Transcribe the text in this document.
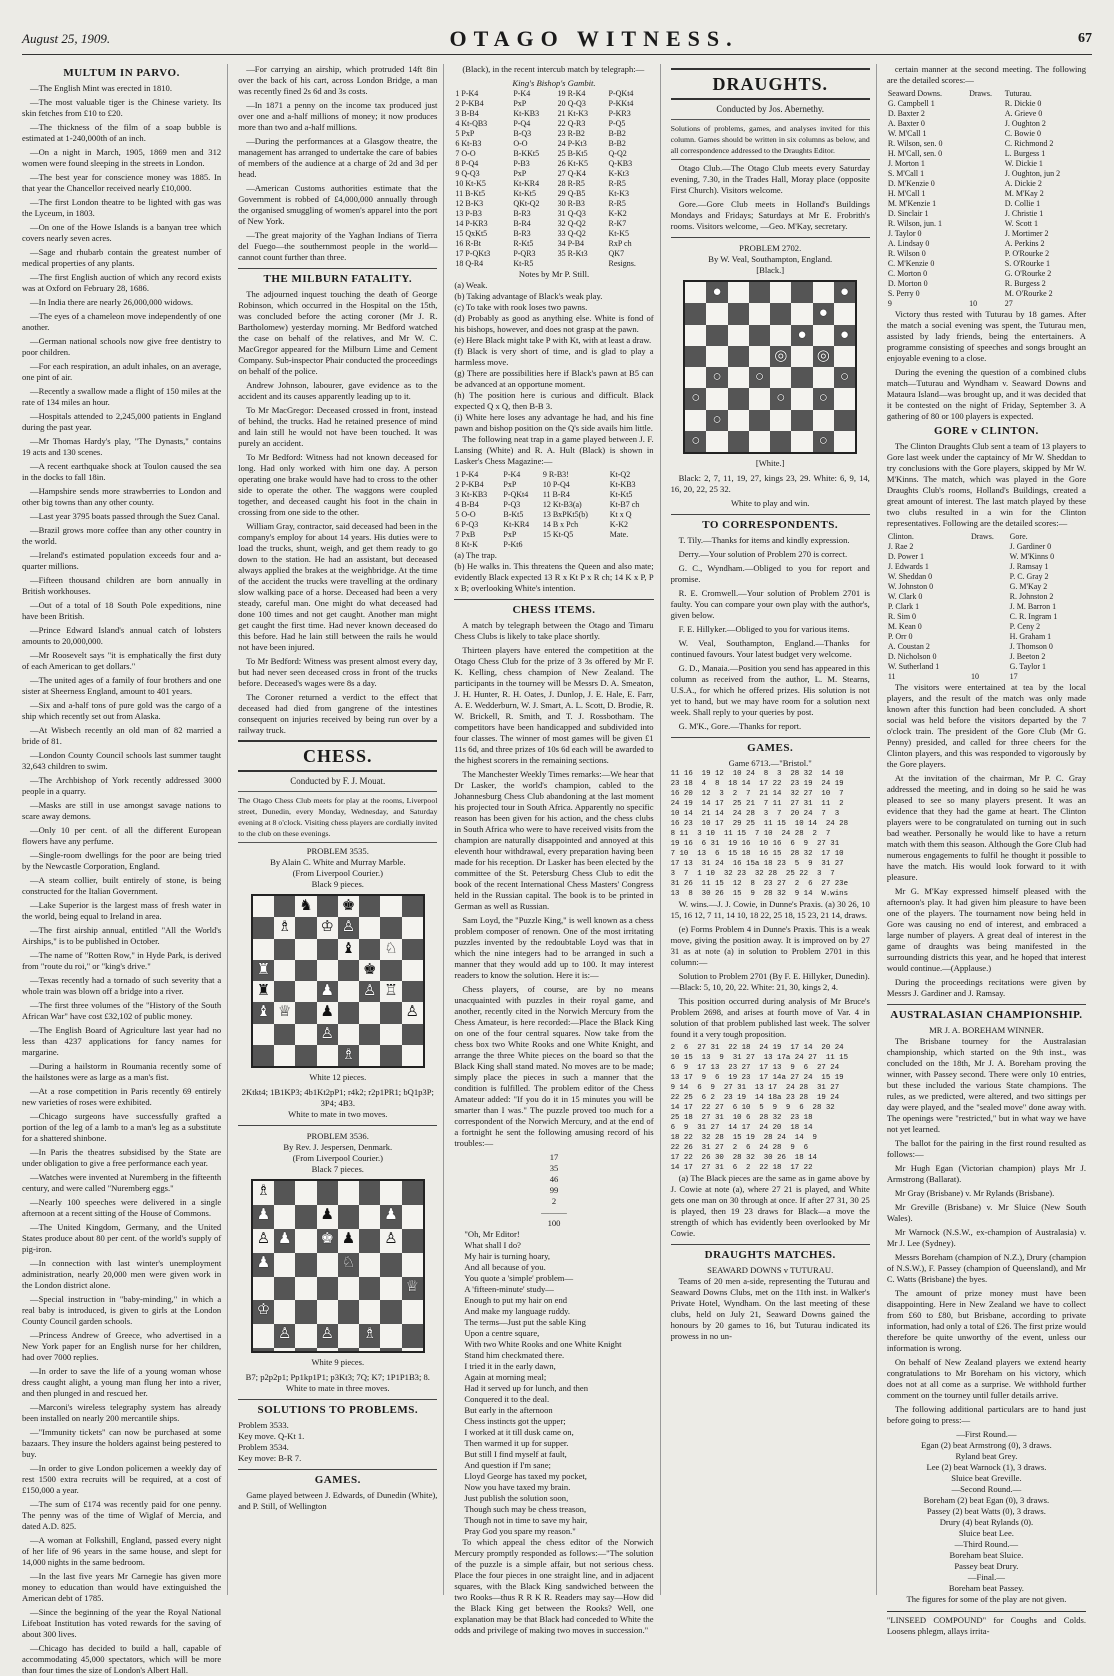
August 25, 1909.	OTAGO WITNESS.	67
MULTUM IN PARVO.

—The English Mint was erected in 1810.

—The most valuable tiger is the Chinese variety. Its skin fetches from £10 to £20.

—The thickness of the film of a soap bubble is estimated at 1-240,000th of an inch.

—On a night in March, 1905, 1869 men and 312 women were found sleeping in the streets in London.

—The best year for conscience money was 1885. In that year the Chancellor received nearly £10,000.

—The first London theatre to be lighted with gas was the Lyceum, in 1803.

—On one of the Howe Islands is a banyan tree which covers nearly seven acres.

—Sage and rhubarb contain the greatest number of medical properties of any plants.

—The first English auction of which any record exists was at Oxford on February 28, 1686.

—In India there are nearly 26,000,000 widows.

—The eyes of a chameleon move independently of one another.

—German national schools now give free dentistry to poor children.

—For each respiration, an adult inhales, on an average, one pint of air.

—Recently a swallow made a flight of 150 miles at the rate of 134 miles an hour.

—Hospitals attended to 2,245,000 patients in England during the past year.

—Mr Thomas Hardy's play, "The Dynasts," contains 19 acts and 130 scenes.

—A recent earthquake shock at Toulon caused the sea in the docks to fall 18in.

—Hampshire sends more strawberries to London and other big towns than any other county.

—Last year 3795 boats passed through the Suez Canal.

—Brazil grows more coffee than any other country in the world.

—Ireland's estimated population exceeds four and a-quarter millions.

—Fifteen thousand children are born annually in British workhouses.

—Out of a total of 18 South Pole expeditions, nine have been British.

—Prince Edward Island's annual catch of lobsters amounts to 20,000,000.

—Mr Roosevelt says "it is emphatically the first duty of each American to get dollars."

—The united ages of a family of four brothers and one sister at Sheerness England, amount to 401 years.

—Six and a-half tons of pure gold was the cargo of a ship which recently set out from Alaska.

—At Wisbech recently an old man of 82 married a bride of 81.

—London County Council schools last summer taught 32,643 children to swim.

—The Archbishop of York recently addressed 3000 people in a quarry.

—Masks are still in use amongst savage nations to scare away demons.

—Only 10 per cent. of all the different European flowers have any perfume.

—Single-room dwellings for the poor are being tried by the Newcastle Corporation, England.

—A steam collier, built entirely of stone, is being constructed for the Italian Government.

—Lake Superior is the largest mass of fresh water in the world, being equal to Ireland in area.

—The first airship annual, entitled "All the World's Airships," is to be published in October.

—The name of "Rotten Row," in Hyde Park, is derived from "route du roi," or "king's drive."

—Texas recently had a tornado of such severity that a whole train was blown off a bridge into a river.

—The first three volumes of the "History of the South African War" have cost £32,102 of public money.

—The English Board of Agriculture last year had no less than 4237 applications for fancy names for margarine.

—During a hailstorm in Roumania recently some of the hailstones were as large as a man's fist.

—At a rose competition in Paris recently 69 entirely new varieties of roses were exhibited.

—Chicago surgeons have successfully grafted a portion of the leg of a lamb to a man's leg as a substitute for a shattered shinbone.

—In Paris the theatres subsidised by the State are under obligation to give a free performance each year.

—Watches were invented at Nuremberg in the fifteenth century, and were called "Nuremberg eggs."

—Nearly 100 speeches were delivered in a single afternoon at a recent sitting of the House of Commons.

—The United Kingdom, Germany, and the United States produce about 80 per cent. of the world's supply of pig-iron.

—In connection with last winter's unemployment administration, nearly 20,000 men were given work in the London district alone.

—Special instruction in "baby-minding," in which a real baby is introduced, is given to girls at the London County Council garden schools.

—Princess Andrew of Greece, who advertised in a New York paper for an English nurse for her children, had over 7000 replies.

—In order to save the life of a young woman whose dress caught alight, a young man flung her into a river, and then plunged in and rescued her.

—Marconi's wireless telegraphy system has already been installed on nearly 200 mercantile ships.

—"Immunity tickets" can now be purchased at some bazaars. They insure the holders against being pestered to buy.

—In order to give London policemen a weekly day of rest 1500 extra recruits will be required, at a cost of £150,000 a year.

—The sum of £174 was recently paid for one penny. The penny was of the time of Wiglaf of Mercia, and dated A.D. 825.

—A woman at Folkshill, England, passed every night of her life of 96 years in the same house, and slept for 14,000 nights in the same bedroom.

—In the last five years Mr Carnegie has given more money to education than would have extinguished the American debt of 1785.

—Since the beginning of the year the Royal National Lifeboat Institution has voted rewards for the saving of about 300 lives.

—Chicago has decided to build a hall, capable of accommodating 45,000 spectators, which will be more than four times the size of London's Albert Hall.

—For carrying an airship, which protruded 14ft 8in over the back of his cart, across London Bridge, a man was recently fined 2s 6d and 3s costs.

—In 1871 a penny on the income tax produced just over one and a-half millions of money; it now produces more than two and a-half millions.

—During the performances at a Glasgow theatre, the management has arranged to undertake the care of babies of members of the audience at a charge of 2d and 3d per head.

—American Customs authorities estimate that the Government is robbed of £4,000,000 annually through the organised smuggling of women's apparel into the port of New York.

—The great majority of the Yaghan Indians of Tierra del Fuego—the southernmost people in the world—cannot count further than three.

THE MILBURN FATALITY.

The adjourned inquest touching the death of George Robinson, which occurred in the Hospital on the 15th, was concluded before the acting coroner (Mr J. R. Bartholomew) yesterday morning. Mr Bedford watched the case on behalf of the relatives, and Mr W. C. MacGregor appeared for the Milburn Lime and Cement Company. Sub-inspector Phair conducted the proceedings on behalf of the police.

Andrew Johnson, labourer, gave evidence as to the accident and its causes apparently leading up to it.

To Mr MacGregor: Deceased crossed in front, instead of behind, the trucks. Had he retained presence of mind and lain still he would not have been touched. It was purely an accident.

To Mr Bedford: Witness had not known deceased for long. Had only worked with him one day. A person operating one brake would have had to cross to the other side to operate the other. The waggons were coupled together, and deceased caught his foot in the chain in crossing from one side to the other.

William Gray, contractor, said deceased had been in the company's employ for about 14 years. His duties were to load the trucks, shunt, weigh, and get them ready to go down to the station. He had an assistant, but deceased always applied the brakes at the weighbridge. At the time of the accident the trucks were travelling at the ordinary slow walking pace of a horse. Deceased had been a very steady, careful man. One might do what deceased had done 100 times and not get caught. Another man might get caught the first time. Had never known deceased do this before. Had he lain still between the rails he would not have been injured.

To Mr Bedford: Witness was present almost every day, but had never seen deceased cross in front of the trucks before. Deceased's wages were 8s a day.

The Coroner returned a verdict to the effect that deceased had died from gangrene of the intestines consequent on injuries received by being run over by a railway truck.

CHESS.
Conducted by F. J. Mouat.
The Otago Chess Club meets for play at the rooms, Liverpool street, Dunedin, every Monday, Wednesday, and Saturday evening at 8 o'clock. Visiting chess players are cordially invited to the club on these evenings.
PROBLEM 3535.
By Alain C. White and Murray Marble.
(From Liverpool Courier.)
Black 9 pieces.
♞ ♚
♗ ♔ ♙
♝ ♘
♜	♚
♜	♟ ♙ ♖
♝ ♕ ♟	♙
♙
♗
White 12 pieces.
2Ktkt4; 1B1KP3; 4b1Kt2pP1; r4k2; r2p1PR1; bQ1p3P; 3P4; 4B3.
White to mate in two moves.
PROBLEM 3536.
By Rev. J. Jespersen, Denmark.
(From Liverpool Courier.)
Black 7 pieces.
♗
♟	♟	♟
♙ ♟ ♚ ♟ ♙
♟	♘
♕
♔
♙ ♙ ♗
White 9 pieces.
B7; p2p2p1; Pp1kp1P1; p3Kt3; 7Q; K7; 1P1P1B3; 8.
White to mate in three moves.
SOLUTIONS TO PROBLEMS.
Problem 3533.
Key move. Q-Kt 1.
Problem 3534.
Key move: B-R 7.
GAMES.

Game played between J. Edwards, of Dunedin (White), and P. Still, of Wellington

(Black), in the recent intercub match by telegraph:—

King's Bishop's Gambit.
1 P-K4	P-K4	19 R-K4	P-QKt4
2 P-KB4	PxP	20 Q-Q3	P-KKt4
3 B-B4	Kt-KB3	21 Kt-K3	P-KR3
4 Kt-QB3	P-Q4	22 Q-R3	P-Q5
5 PxP	B-Q3	23 R-B2	B-B2
6 Kt-B3	O-O	24 P-Kt3	B-B2
7 O-O	B-KKt5	25 B-Kt5	Q-Q2
8 P-Q4	P-B3	26 Kt-K5	Q-KB3
9 Q-Q3	PxP	27 Q-K4	K-Kt3
10 Kt-K5	Kt-KR4	28 R-R5	R-R5
11 B-Kt5	Kt-Kt5	29 Q-B5	Kt-K3
12 B-K3	QKt-Q2	30 R-B3	R-R5
13 P-B3	B-R3	31 Q-Q3	K-K2
14 P-KR3	B-R4	32 Q-Q2	R-K7
15 QxKt5	B-R3	33 Q-Q2	Kt-K5
16 R-Bt	R-Kt5	34 P-B4	RxP ch
17 P-QKt3	P-QR3	35 R-Kt3	QK7
18 Q-R4	Kt-R5		Resigns.
Notes by Mr P. Still.
(a) Weak.
(b) Taking advantage of Black's weak play.
(c) To take with rook loses two pawns.
(d) Probably as good as anything else. White is fond of his bishops, however, and does not grasp at the pawn.
(e) Here Black might take P with Kt, with at least a draw.
(f) Black is very short of time, and is glad to play a harmless move.
(g) There are possibilities here if Black's pawn at B5 can be advanced at an opportune moment.
(h) The position here is curious and difficult. Black expected Q x Q, then B-B 3.
(i) White here loses any advantage he had, and his fine pawn and bishop position on the Q's side avails him little.

The following neat trap in a game played between J. F. Lansing (White) and R. A. Hult (Black) is shown in Lasker's Chess Magazine:—

1 P-K4	P-K4	9 R-B3!	Kt-Q2
2 P-KB4	PxP	10 P-Q4	Kt-KB3
3 Kt-KB3	P-QKt4	11 B-R4	Kt-Kt5
4 B-B4	P-Q3	12 Kt-B3(a)	Kt-B7 ch
5 O-O	B-Kt5	13 BxPKt5(b)	Kt x Q
6 P-Q3	Kt-KR4	14 B x Pch	K-K2
7 PxB	PxP	15 Kt-Q5	Mate.
8 Kt-K	P-Kt6		
(a) The trap.
(b) He walks in. This threatens the Queen and also mate; evidently Black expected 13 R x Kt P x R ch; 14 K x P, P x B; overlooking White's intention.
CHESS ITEMS.

A match by telegraph between the Otago and Timaru Chess Clubs is likely to take place shortly.

Thirteen players have entered the competition at the Otago Chess Club for the prize of 3 3s offered by Mr F. K. Kelling, chess champion of New Zealand. The participants in the tourney will be Messrs D. A. Smeaton, J. H. Hunter, R. H. Oates, J. Dunlop, J. E. Hale, E. Farr, A. E. Wedderburn, W. J. Smart, A. L. Scott, D. Brodie, R. W. Brickell, R. Smith, and T. J. Rossbotham. The competitors have been handicapped and subdivided into four classes. The winner of most games will be given £1 11s 6d, and three prizes of 10s 6d each will be awarded to the highest scorers in the remaining sections.

The Manchester Weekly Times remarks:—We hear that Dr Lasker, the world's champion, cabled to the Johannesburg Chess Club abandoning at the last moment his projected tour in South Africa. Apparently no specific reason has been given for his action, and the chess clubs in South Africa who were to have received visits from the champion are naturally disappointed and annoyed at this eleventh hour withdrawal, every preparation having been made for his reception. Dr Lasker has been elected by the committee of the St. Petersburg Chess Club to edit the book of the recent International Chess Masters' Congress held in the Russian capital. The book is to be printed in German as well as Russian.

Sam Loyd, the "Puzzle King," is well known as a chess problem composer of renown. One of the most irritating puzzles invented by the redoubtable Loyd was that in which the nine integers had to be arranged in such a manner that they would add up to 100. It may interest readers to know the solution. Here it is:—

Chess players, of course, are by no means unacquainted with puzzles in their royal game, and another, recently cited in the Norwich Mercury from the Chess Amateur, is here recorded:—Place the Black King on one of the four central squares. Now take from the chess box two White Rooks and one White Knight, and arrange the three White pieces on the board so that the Black King shall stand mated. No moves are to be made; simply place the pieces in such a manner that the condition is fulfilled. The problem editor of the Chess Amateur added: "If you do it in 15 minutes you will be smarter than I was." The puzzle proved too much for a correspondent of the Norwich Mercury, and at the end of a fortnight he sent the following amusing record of his troubles:—

17
35
46
99
2
———
100
"Oh, Mr Editor!
What shall I do?
My hair is turning hoary,
And all because of you.
You quote a 'simple' problem—
A 'fifteen-minute' study—
Enough to put my hair on end
And make my language ruddy.
The terms—Just put the sable King
Upon a centre square,
With two White Rooks and one White Knight
Stand him checkmated there.
I tried it in the early dawn,
Again at morning meal;
Had it served up for lunch, and then
Conquered it to the deal.
But early in the afternoon
Chess instincts got the upper;
I worked at it till dusk came on,
Then warmed it up for supper.
But still I find myself at fault,
And question if I'm sane;
Lloyd George has taxed my pocket,
Now you have taxed my brain.
Just publish the solution soon,
Though such may be chess treason,
Though not in time to save my hair,
Pray God you spare my reason."

To which appeal the chess editor of the Norwich Mercury promptly responded as follows:—"The solution of the puzzle is a simple affair, but not serious chess. Place the four pieces in one straight line, and in adjacent squares, with the Black King sandwiched between the two Rooks—thus R R K R. Readers may say—How did the Black King get between the Rooks? Well, one explanation may be that Black had conceded to White the odds and privilege of making two moves in succession."

DRAUGHTS.
Conducted by Jos. Abernethy.
Solutions of problems, games, and analyses invited for this column. Games should be written in six columns as below, and all correspondence addressed to the Draughts Editor.

Otago Club.—The Otago Club meets every Saturday evening, 7.30, in the Trades Hall, Moray place (opposite First Church). Visitors welcome.

Gore.—Gore Club meets in Holland's Buildings Mondays and Fridays; Saturdays at Mr E. Frobrith's rooms. Visitors welcome, —Geo. M'Kay, secretary.

PROBLEM 2702.
By W. Veal, Southampton, England.
[Black.]
●	●
●
●	●
◎ ◎
○	○	○
○	○	○
○
○	○
[White.]

Black: 2, 7, 11, 19, 27, kings 23, 29. White: 6, 9, 14, 16, 20, 22, 25 32.

White to play and win.
TO CORRESPONDENTS.

T. Tily.—Thanks for items and kindly expression.

Derry.—Your solution of Problem 270 is correct.

G. C., Wyndham.—Obliged to you for report and promise.

R. E. Cromwell.—Your solution of Problem 2701 is faulty. You can compare your own play with the author's, given below.

F. E. Hillyker.—Obliged to you for various items.

W. Veal, Southampton, England.—Thanks for continued favours. Your latest budget very welcome.

G. D., Manaia.—Position you send has appeared in this column as received from the author, L. M. Stearns, U.S.A., for which he offered prizes. His solution is not yet to hand, but we may have room for a solution next week. Shall reply to your queries by post.

G. M'K., Gore.—Thanks for report.

GAMES.
Game 6713.—"Bristol."
11 16  19 12  10 24  8  3  28 32  14 10
23 18  4  8  18 14  17 22  23 19  24 19
16 20  12  3  2  7  21 14  32 27  10  7
24 19  14 17  25 21  7 11  27 31  11  2
10 14  21 14  24 28  3  7  20 24  7  3
16 23  10 17  29 25  11 15  10 14  24 28
8 11  3 10  11 15  7 10  24 28  2  7
19 16  6 31  19 16  10 16  6  9  27 31
7 10  13  6  15 18  16 15  28 32  17 10
17 13  31 24  16 15a 18 23  5  9  31 27
3  7  1 10  32 23  32 28  25 22  3  7
31 26  11 15  12  8  23 27  2  6  27 23e
13  8  30 26  15  9  28 32  9 14  W.wins

W. wins.—J. J. Cowie, in Dunne's Praxis. (a) 30 26, 10 15, 16 12, 7 11, 14 10, 18 22, 25 18, 15 23, 21 14, draws.

(e) Forms Problem 4 in Dunne's Praxis. This is a weak move, giving the position away. It is improved on by 27 31 as at note (a) in solution to Problem 2701 in this column:—

Solution to Problem 2701 (By F. E. Hillyker, Dunedin).—Black: 5, 10, 20, 22. White: 21, 30, kings 2, 4.

This position occurred during analysis of Mr Bruce's Problem 2698, and arises at fourth move of Var. 4 in solution of that problem published last week. The solver found it a very tough proposition.

2  6  27 31  22 18  24 19  17 14  20 24
10 15  13  9  31 27  13 17a 24 27  11 15
6  9  17 13  23 27  17 13  9  6  27 24
13 17  9  6  19 23  17 14a 27 24  15 19
9 14  6  9  27 31  13 17  24 28  31 27
22 25  6 2  23 19  14 18a 23 28  19 24
14 17  22 27  6 10  5  9  9  6  28 32
25 18  27 31  10 6  28 32  23 18
6  9  31 27  14 17  24 20  18 14
18 22  32 28  15 19  28 24  14  9
22 26  31 27  2  6  24 28  9  6
17 22  26 30  28 32  30 26  18 14
14 17  27 31  6  2  22 18  17 22

(a) The Black pieces are the same as in game above by J. Cowie at note (a), where 27 21 is played, and White gets one man on 30 through at once. If after 27 31, 30 25 is played, then 19 23 draws for Black—a move the strength of which has evidently been overlooked by Mr Cowie.

DRAUGHTS MATCHES.
SEAWARD DOWNS v TUTURAU.

Teams of 20 men a-side, representing the Tuturau and Seaward Downs Clubs, met on the 11th inst. in Walker's Private Hotel, Wyndham. On the last meeting of these clubs, held on July 21, Seaward Downs gained the honours by 20 games to 16, but Tuturau indicated its prowess in no un-

certain manner at the second meeting. The following are the detailed scores:—

Seaward Downs.	Draws.	Tuturau.
G. Campbell 1		R. Dickie 0
D. Baxter 2		A. Grieve 0
A. Baxter 0		J. Oughton 2
W. M'Call 1		C. Bowie 0
R. Wilson, sen. 0		C. Richmond 2
H. M'Call, sen. 0		L. Burgess 1
J. Morton 1		W. Dickie 1
S. M'Call 1		J. Oughton, jun 2
D. M'Kenzie 0		A. Dickie 2
H. M'Call 1		M. M'Kay 2
M. M'Kenzie 1		D. Collie 1
D. Sinclair 1		J. Christie 1
R. Wilson, jun. 1		W. Scott 1
J. Taylor 0		J. Mortimer 2
A. Lindsay 0		A. Perkins 2
R. Wilson 0		P. O'Rourke 2
C. M'Kenzie 0		S. O'Rourke 1
C. Morton 0		G. O'Rourke 2
D. Morton 0		R. Burgess 2
S. Perry 0		M. O'Rourke 2
9	10	27

Victory thus rested with Tuturau by 18 games. After the match a social evening was spent, the Tuturau men, assisted by lady friends, being the entertainers. A programme consisting of speeches and songs brought an enjoyable evening to a close.

During the evening the question of a combined clubs match—Tuturau and Wyndham v. Seaward Downs and Mataura Island—was brought up, and it was decided that it be contested on the night of Friday, September 3. A gathering of 80 or 100 players is expected.

GORE v CLINTON.

The Clinton Draughts Club sent a team of 13 players to Gore last week under the captaincy of Mr W. Sheddan to try conclusions with the Gore players, skipped by Mr W. M'Kinns. The match, which was played in the Gore Draughts Club's rooms, Holland's Buildings, created a great amount of interest. The last match played by these two clubs resulted in a win for the Clinton representatives. Following are the detailed scores:—

Clinton.	Draws.	Gore.
J. Rae 2		J. Gardiner 0
D. Power 1		W. M'Kinns 0
J. Edwards 1		J. Ramsay 1
W. Sheddan 0		P. C. Gray 2
W. Johnston 0		G. M'Kay 2
W. Clark 0		R. Johnston 2
P. Clark 1		J. M. Barron 1
R. Sim 0		C. R. Ingram 1
M. Kean 0		P. Ceny 2
P. Orr 0		H. Graham 1
A. Coustan 2		J. Thomson 0
D. Nicholson 0		J. Beeton 2
W. Sutherland 1		G. Taylor 1
11	10	17

The visitors were entertained at tea by the local players, and the result of the match was only made known after this function had been concluded. A short social was held before the visitors departed by the 7 o'clock train. The president of the Gore Club (Mr G. Penny) presided, and called for three cheers for the Clinton players, and this was responded to vigorously by the Gore players.

At the invitation of the chairman, Mr P. C. Gray addressed the meeting, and in doing so he said he was pleased to see so many players present. It was an evidence that they had the game at heart. The Clinton players were to be congratulated on turning out in such bad weather. Personally he would like to have a return match with them this season. Although the Gore Club had numerous engagements to fulfil he thought it possible to have the match. His would look forward to it with pleasure.

Mr G. M'Kay expressed himself pleased with the afternoon's play. It had given him pleasure to have been one of the players. The tournament now being held in Gore was causing no end of interest, and embraced a large number of players. A great deal of interest in the game of draughts was being manifested in the surrounding districts this year, and he hoped that interest would continue.—(Applause.)

During the proceedings recitations were given by Messrs J. Gardiner and J. Ramsay.

AUSTRALASIAN CHAMPIONSHIP.
MR J. A. BOREHAM WINNER.

The Brisbane tourney for the Australasian championship, which started on the 9th inst., was concluded on the 18th, Mr J. A. Boreham proving the winner, with Passey second. There were only 10 entries, but these included the various State champions. The rules, as we predicted, were altered, and two sittings per day were played, and the "sealed move" done away with. The openings were "restricted," but in what way we have not yet learned.

The ballot for the pairing in the first round resulted as follows:—

Mr Hugh Egan (Victorian champion) plays Mr J. Armstrong (Ballarat).

Mr Gray (Brisbane) v. Mr Rylands (Brisbane).

Mr Greville (Brisbane) v. Mr Sluice (New South Wales).

Mr Warnock (N.S.W., ex-champion of Australasia) v. Mr J. Lee (Sydney).

Messrs Boreham (champion of N.Z.), Drury (champion of N.S.W.), F. Passey (champion of Queensland), and Mr C. Watts (Brisbane) the byes.

The amount of prize money must have been disappointing. Here in New Zealand we have to collect from £60 to £80, but Brisbane, according to private information, had only a total of £26. The first prize would therefore be quite unworthy of the event, unless our information is wrong.

On behalf of New Zealand players we extend hearty congratulations to Mr Boreham on his victory, which does not at all come as a surprise. We withhold further comment on the tourney until fuller details arrive.

The following additional particulars are to hand just before going to press:—

—First Round.—
Egan (2) beat Armstrong (0), 3 draws.
Ryland beat Grey.
Lee (2) beat Warnock (1), 3 draws.
Sluice beat Greville.
—Second Round.—
Boreham (2) beat Egan (0), 3 draws.
Passey (2) beat Watts (0), 3 draws.
Drury (4) beat Rylands (0).
Sluice beat Lee.
—Third Round.—
Boreham beat Sluice.
Passey beat Drury.
—Final.—
Boreham beat Passey.
The figures for some of the play are not given.
"LINSEED COMPOUND" for Coughs and Colds. Loosens phlegm, allays irrita-
